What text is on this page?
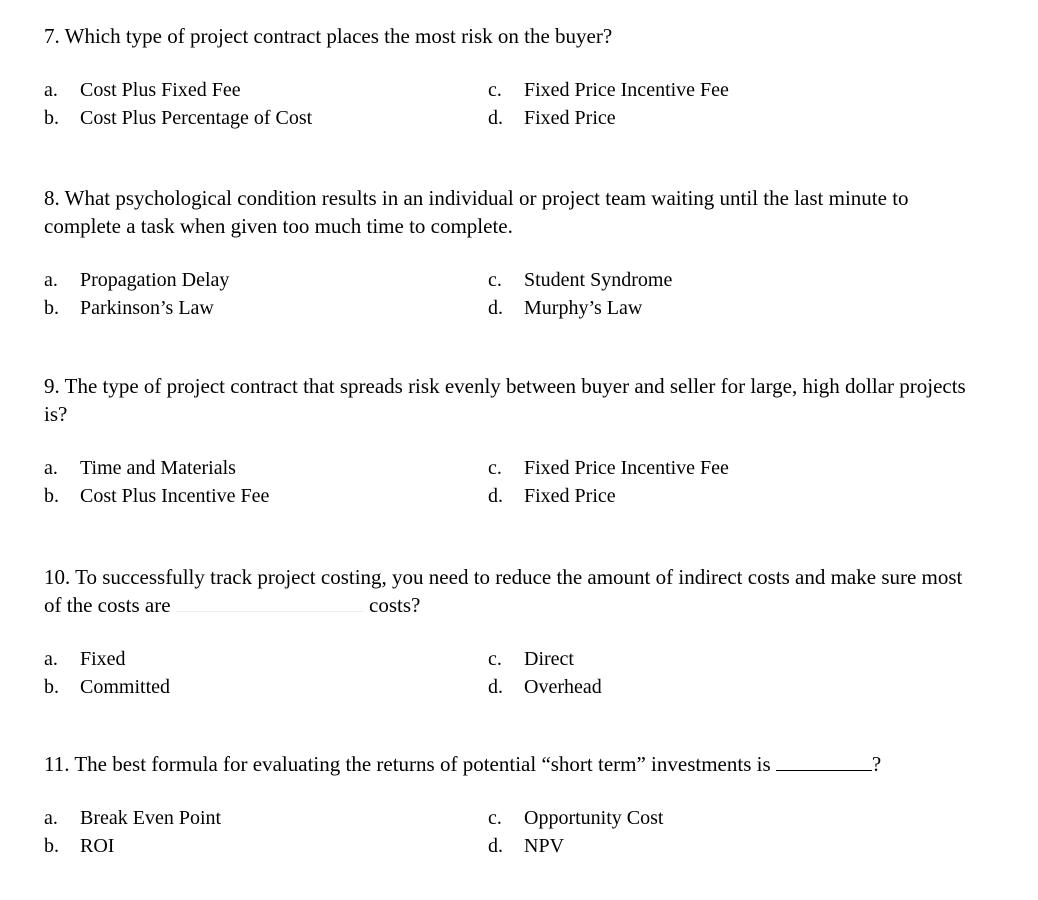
7. Which type of project contract places the most risk on the buyer?

a. Cost Plus Fixed Fee
b. Cost Plus Percentage of Cost
c. Fixed Price Incentive Fee
d. Fixed Price

8. What psychological condition results in an individual or project team waiting until the last minute to complete a task when given too much time to complete.

a. Propagation Delay
b. Parkinson’s Law
c. Student Syndrome
d. Murphy’s Law

9. The type of project contract that spreads risk evenly between buyer and seller for large, high dollar projects is?

a. Time and Materials
b. Cost Plus Incentive Fee
c. Fixed Price Incentive Fee
d. Fixed Price

10. To successfully track project costing, you need to reduce the amount of indirect costs and make sure most of the costs are	costs?

a. Fixed
b. Committed
c. Direct
d. Overhead

11. The best formula for evaluating the returns of potential “short term” investments is	?

a. Break Even Point
b. ROI
c. Opportunity Cost
d. NPV
